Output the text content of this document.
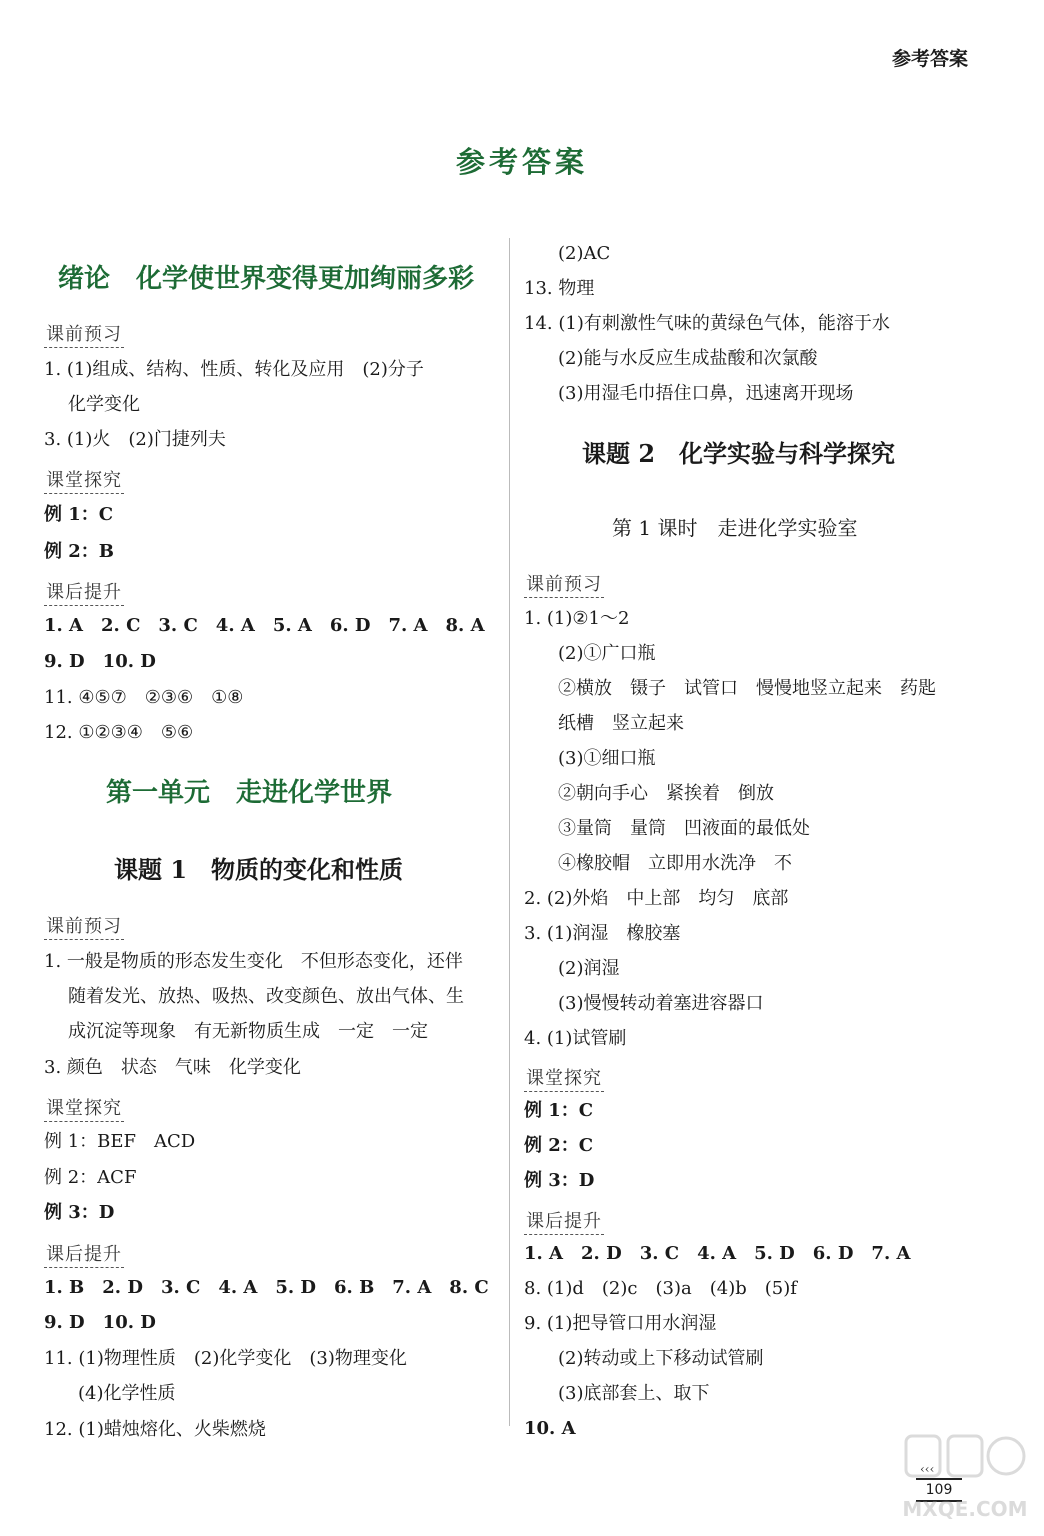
参考答案
参考答案
绪论　化学使世界变得更加绚丽多彩
课前预习
1. (1)组成、结构、性质、转化及应用　(2)分子
化学变化
3. (1)火　(2)门捷列夫
课堂探究
例 1：C
例 2：B
课后提升
1. A　2. C　3. C　4. A　5. A　6. D　7. A　8. A
9. D　10. D
11. ④⑤⑦　②③⑥　①⑧
12. ①②③④　⑤⑥
第一单元　走进化学世界
课题 1　物质的变化和性质
课前预习
1. 一般是物质的形态发生变化　不但形态变化，还伴
随着发光、放热、吸热、改变颜色、放出气体、生
成沉淀等现象　有无新物质生成　一定　一定
3. 颜色　状态　气味　化学变化
课堂探究
例 1：BEF　ACD
例 2：ACF
例 3：D
课后提升
1. B　2. D　3. C　4. A　5. D　6. B　7. A　8. C
9. D　10. D
11. (1)物理性质　(2)化学变化　(3)物理变化
(4)化学性质
12. (1)蜡烛熔化、火柴燃烧
(2)AC
13. 物理
14. (1)有刺激性气味的黄绿色气体，能溶于水
(2)能与水反应生成盐酸和次氯酸
(3)用湿毛巾捂住口鼻，迅速离开现场
课题 2　化学实验与科学探究
第 1 课时　走进化学实验室
课前预习
1. (1)②1～2
(2)①广口瓶
②横放　镊子　试管口　慢慢地竖立起来　药匙
纸槽　竖立起来
(3)①细口瓶
②朝向手心　紧挨着　倒放
③量筒　量筒　凹液面的最低处
④橡胶帽　立即用水洗净　不
2. (2)外焰　中上部　均匀　底部
3. (1)润湿　橡胶塞
(2)润湿
(3)慢慢转动着塞进容器口
4. (1)试管刷
课堂探究
例 1：C
例 2：C
例 3：D
课后提升
1. A　2. D　3. C　4. A　5. D　6. D　7. A
8. (1)d　(2)c　(3)a　(4)b　(5)f
9. (1)把导管口用水润湿
(2)转动或上下移动试管刷
(3)底部套上、取下
10. A
‹‹‹
109
MXQE.COM
